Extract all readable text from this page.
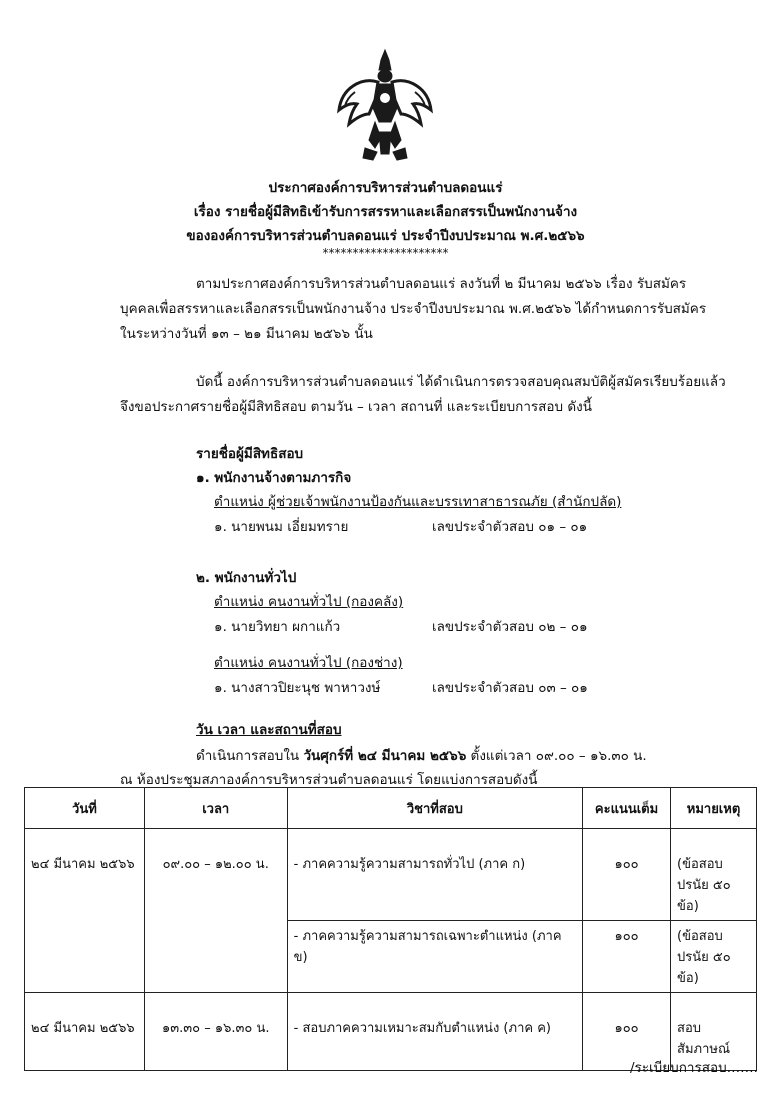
ประกาศองค์การบริหารส่วนตำบลดอนแร่
เรื่อง รายชื่อผู้มีสิทธิเข้ารับการสรรหาและเลือกสรรเป็นพนักงานจ้าง
ขององค์การบริหารส่วนตำบลดอนแร่ ประจำปีงบประมาณ พ.ศ.๒๕๖๖
*********************
ตามประกาศองค์การบริหารส่วนตำบลดอนแร่ ลงวันที่ ๒ มีนาคม ๒๕๖๖ เรื่อง รับสมัคร
บุคคลเพื่อสรรหาและเลือกสรรเป็นพนักงานจ้าง ประจำปีงบประมาณ พ.ศ.๒๕๖๖ ได้กำหนดการรับสมัคร
ในระหว่างวันที่ ๑๓ – ๒๑ มีนาคม ๒๕๖๖ นั้น
บัดนี้ องค์การบริหารส่วนตำบลดอนแร่ ได้ดำเนินการตรวจสอบคุณสมบัติผู้สมัครเรียบร้อยแล้ว
จึงขอประกาศรายชื่อผู้มีสิทธิสอบ ตามวัน – เวลา สถานที่ และระเบียบการสอบ ดังนี้
รายชื่อผู้มีสิทธิสอบ
๑. พนักงานจ้างตามภารกิจ
ตำแหน่ง ผู้ช่วยเจ้าพนักงานป้องกันและบรรเทาสาธารณภัย (สำนักปลัด)
๑. นายพนม เอี่ยมทราย	เลขประจำตัวสอบ ๐๑ – ๐๑
๒. พนักงานทั่วไป
ตำแหน่ง คนงานทั่วไป (กองคลัง)
๑. นายวิทยา ผกาแก้ว	เลขประจำตัวสอบ ๐๒ – ๐๑
ตำแหน่ง คนงานทั่วไป (กองช่าง)
๑. นางสาวปิยะนุช พาหาวงษ์	เลขประจำตัวสอบ ๐๓ – ๐๑
วัน เวลา และสถานที่สอบ
ดำเนินการสอบใน วันศุกร์ที่ ๒๔ มีนาคม ๒๕๖๖ ตั้งแต่เวลา ๐๙.๐๐ – ๑๖.๓๐ น.
ณ ห้องประชุมสภาองค์การบริหารส่วนตำบลดอนแร่ โดยแบ่งการสอบดังนี้
วันที่	เวลา	วิชาที่สอบ	คะแนนเต็ม	หมายเหตุ
๒๔ มีนาคม ๒๕๖๖	๐๙.๐๐ – ๑๒.๐๐ น.	- ภาคความรู้ความสามารถทั่วไป (ภาค ก)	๑๐๐	(ข้อสอบปรนัย ๕๐ ข้อ)
		- ภาคความรู้ความสามารถเฉพาะตำแหน่ง (ภาค ข)	๑๐๐	(ข้อสอบปรนัย ๕๐ ข้อ)
๒๔ มีนาคม ๒๕๖๖	๑๓.๓๐ – ๑๖.๓๐ น.	- สอบภาคความเหมาะสมกับตำแหน่ง (ภาค ค)	๑๐๐	สอบสัมภาษณ์
/ระเบียบการสอบ…….
